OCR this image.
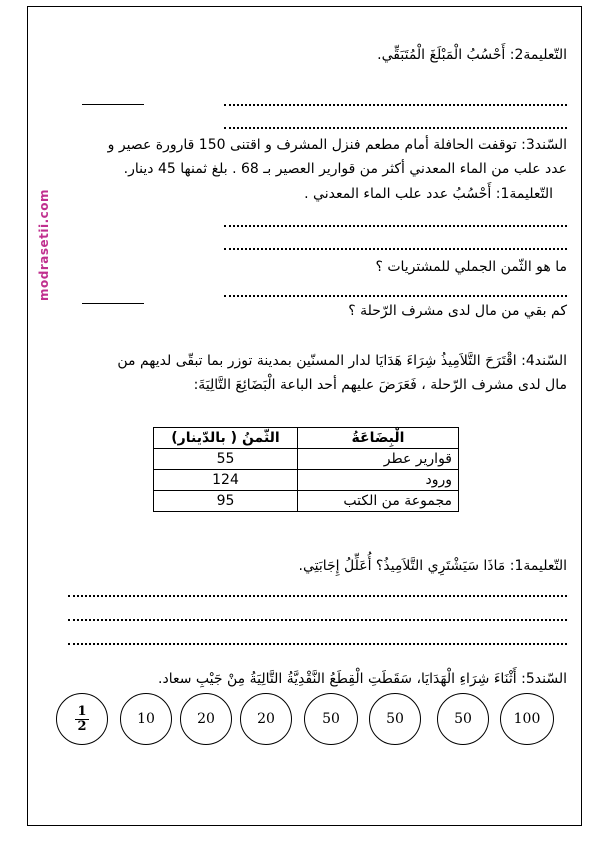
modrasetii.com
التّعليمة2: أَحْسُبُ الْمَبْلَغَ الْمُتَبَقِّي.
السّند3: توقفت الحافلة أمام مطعم فنزل المشرف و اقتنى 150 قارورة عصير و
عدد علب من الماء المعدني أكثر من قوارير العصير بـ 68 . بلغ ثمنها 45 دينار.
التّعليمة1: أَحْسُبُ عدد علب الماء المعدني .
ما هو الثّمن الجملي للمشتريات ؟
كم بقي من مال لدى مشرف الرّحلة ؟
السّند4: اقْتَرَحَ التَّلاَمِيذُ شِرَاءَ هَدَايَا لدار المسنّين بمدينة توزر بما تبقّى لديهم من
مال لدى مشرف الرّحلة ، فَعَرَضَ عليهم أحد الباعة الْبَضَائِعَ التَّالِيَةَ:
الْبِضَاعَةُ	الثّمنُ ( بالدّينار)
قوارير عطر	55
ورود	124
مجموعة من الكتب	95
التّعليمة1: مَاذَا سَيَشْتَرِي التَّلاَمِيذُ؟ أُعَلِّلُ إِجَابَتِي.
السّند5: أَثْنَاءَ شِرَاءِ الْهَدَايَا، سَقَطَتِ الْقِطَعُ النَّقْدِيَّةُ التَّالِيَةُ مِنْ جَيْبِ سعاد.
100
50
50
50
20
20
10
$\frac{1}{2}$
